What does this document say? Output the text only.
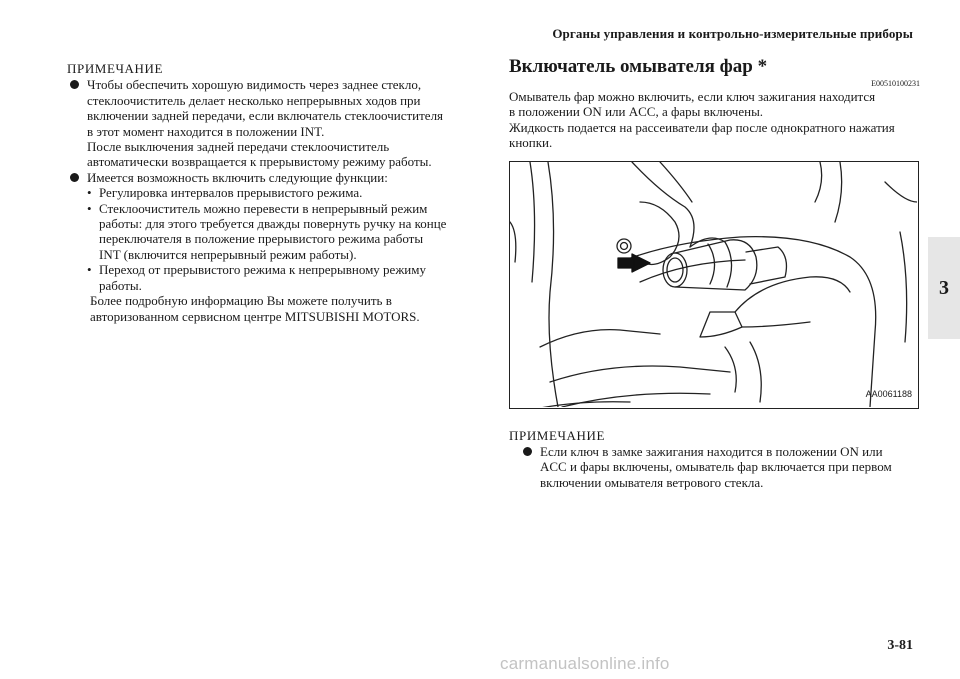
Органы управления и контрольно-измерительные приборы
3
ПРИМЕЧАНИЕ
Чтобы обеспечить хорошую видимость через заднее стекло,
стеклоочиститель делает несколько непрерывных ходов при
включении задней передачи, если включатель стеклоочистителя
в этот момент находится в положении INT.
После выключения задней передачи стеклоочиститель
автоматически возвращается к прерывистому режиму работы.
Имеется возможность включить следующие функции:
• Регулировка интервалов прерывистого режима.
• Стеклоочиститель можно перевести в непрерывный режим
работы: для этого требуется дважды повернуть ручку на конце
переключателя в положение прерывистого режима работы
INT (включится непрерывный режим работы).
• Переход от прерывистого режима к непрерывному режиму
работы.
Более подробную информацию Вы можете получить в
авторизованном сервисном центре MITSUBISHI MOTORS.
Включатель омывателя фар *
E00510100231
Омыватель фар можно включить, если ключ зажигания находится
в положении ON или ACC, а фары включены.
Жидкость подается на рассеиватели фар после однократного нажатия
кнопки.
AA0061188
ПРИМЕЧАНИЕ
Если ключ в замке зажигания находится в положении ON или
ACC и фары включены, омыватель фар включается при первом
включении омывателя ветрового стекла.
3-81
carmanualsonline.info
